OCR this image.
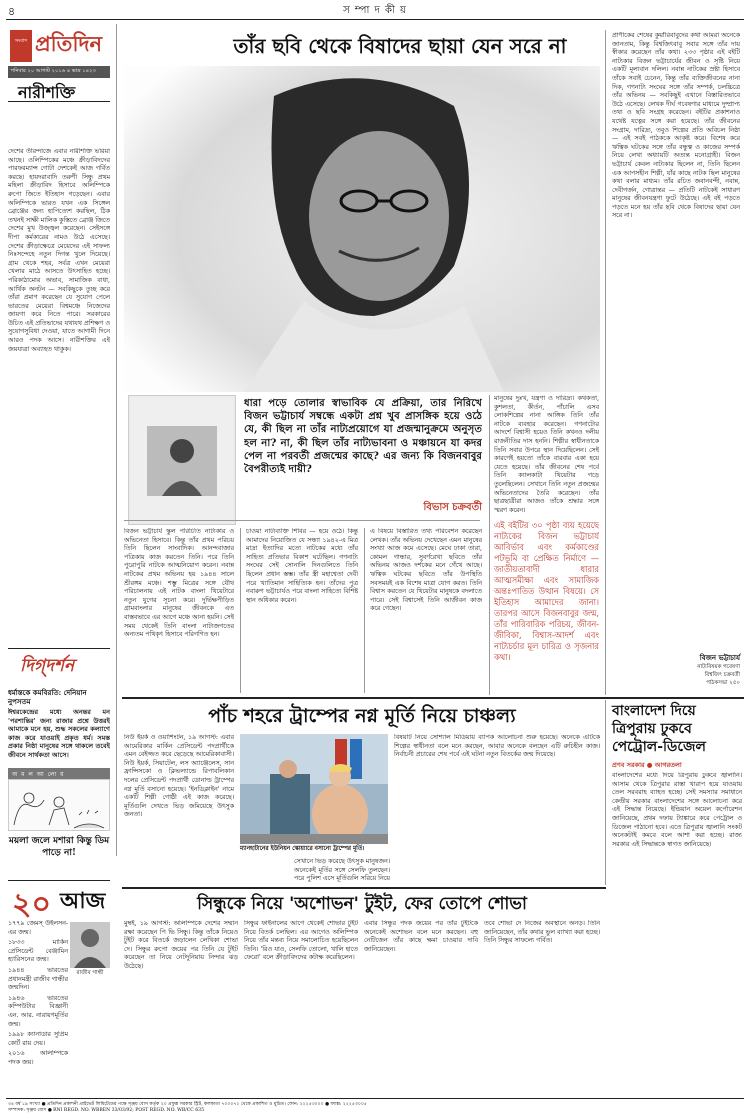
৪	স ম্পা দ কী য়
সংবাদ প্রতিদিন
শনিবার ২০ আগস্ট ২০১৬ ৪ ভাদ্র ১৪২৩
নারীশক্তি
দেশের তীরন্দাজে এবার নারীশক্তি ভরিয়া আছে। ও‌লিম্পিকের মঞ্চে ক্রীড়াবিদদের পারফরম্যান্স গোটা দেশকেই আজ গর্বিত করছে। হায়দরাবাদি তরুণী সিন্ধু প্রথম মহিলা ক্রীড়াবিদ হিসাবে অলিম্পিকে রুপো জিতে ইতিহাস গড়েছেন। এবার অলিম্পিকে ভারত যখন এক সিঙ্গেল ব্রোঞ্জের জন্য হাপিত্যেশ করছিল, ঠিক তখনই সাক্ষী মালিক কুস্তিতে ব্রোঞ্জ জিতে দেশের মুখ উজ্জ্বল করেছেন। সেইসঙ্গে দীপা কর্মকারের নামও উঠে এসেছে। দেশের ক্রীড়াক্ষেত্রে মেয়েদের এই সাফল্য নিঃসন্দেহে নতুন দিগন্ত খুলে দিয়েছে। গ্রাম থেকে শহর, সর্বত্র এখন মেয়েরা খেলার মাঠে আসতে উৎসাহিত হচ্ছে। পরিকাঠামোর অভাব, সামাজিক বাধা, আর্থিক অনটন — সবকিছুকে তুচ্ছ করে তাঁরা প্রমাণ করেছেন যে সুযোগ পেলে ভারতের মেয়েরা বিশ্বমঞ্চে নিজেদের জায়গা করে নিতে পারে। সরকারের উচিত এই প্রতিভাদের যথাযথ প্রশিক্ষণ ও সুযোগসুবিধা দেওয়া, যাতে আগামী দিনে আরও পদক আসে। নারীশক্তির এই জয়যাত্রা অব্যাহত থাকুক।
দিগ্‌দর্শন
ধর্মান্তকে কমবিরতি: দেনিয়ান নুপসতম
ঈশ্বরকেন্দ্রের মধ্যে অনন্তর মন 'পরশান্তির' জন্য রাজার প্রশ্নে উত্তরই আমাকে মনে হয়, শুদ্ধ সকলের কল্যাণে কাজ করে যাওয়াই প্রকৃত ধর্ম। সমস্ত প্রকার নিষ্ঠা মানুষের সঙ্গে থাকলে তবেই জীবনে সার্থকতা আসে।
অ ম ল আ লো য়
ময়লা জলে মশারা কিন্তু ডিম পাড়ে না!
২০ আজ
১৭৭৯ জেমস্‌ উইলসন-এর জন্ম।
১৮৩৩ মার্কিন প্রেসিডেন্ট বেঞ্জামিন হ্যারিসনের জন্ম।
১৯৪৪ ভারতের প্রধানমন্ত্রী রাজীব গান্ধীর জন্মদিন।
১৯৪৬ ভারতের কম্পিউটার বিজ্ঞানী এন. আর. নারায়ণমূর্তির জন্ম।
১৯৯৮ ক্যানাডার সুপ্রিম কোর্ট রায় দেয়।
২০১৬ অলিম্পিকে পদক জয়।
রাজীব গান্ধী
তাঁর ছবি থেকে বিষাদের ছায়া যেন সরে না	প্রাণীকের শেষের কুয়াঁরিবাবুদের কথা আমরা অনেকে জানতাম, কিন্তু বিশ্বজিৎবাবু সবার সঙ্গে তাঁর দায় স্বীকার করেছেন তাঁর কথা। ২৩৩ পৃষ্ঠার এই বইটি নাট্যকার বিজন ভট্টাচার্যের জীবন ও সৃষ্টি নিয়ে একটি মূল্যবান দলিল। নবান্ন নাটকের স্রষ্টা হিসাবে তাঁকে সবাই চেনেন, কিন্তু তাঁর ব্যক্তিজীবনের নানা দিক, গণনাট্য সংঘের সঙ্গে তাঁর সম্পর্ক, চলচ্চিত্রে তাঁর অভিনয় — সবকিছুই এখানে বিস্তারিতভাবে উঠে এসেছে। লেখক দীর্ঘ গবেষণার মাধ্যমে দুষ্প্রাপ্য তথ্য ও ছবি সংগ্রহ করেছেন। বইটির প্রকাশনাও যথেষ্ট যত্নের সঙ্গে করা হয়েছে। তাঁর জীবনের সংগ্রাম, দারিদ্র্য, তবুও শিল্পের প্রতি অবিচল নিষ্ঠা — এই সবই পাঠককে আকৃষ্ট করে। বিশেষ করে ঋত্বিক ঘটকের সঙ্গে তাঁর বন্ধুত্ব ও কাজের সম্পর্ক নিয়ে লেখা অধ্যায়টি অত্যন্ত মনোগ্রাহী। বিজন ভট্টাচার্য কেবল নাট্যকার ছিলেন না, তিনি ছিলেন এক আপসহীন শিল্পী, যাঁর কাছে নাটক ছিল মানুষের কথা বলার মাধ্যম। তাঁর রচিত জবানবন্দী, নবান্ন, দেবীগর্জন, গোত্রান্তর — প্রতিটি নাটকেই সাধারণ মানুষের জীবনযন্ত্রণা ফুটে উঠেছে। এই বই পড়তে পড়তে মনে হয় তাঁর ছবি থেকে বিষাদের ছায়া যেন সরে না।
বিজন ভট্টাচার্য
নাট্যবিষয়ক গবেষণা
বিশ্বজিৎ চক্রবর্তী
পাঠকসভা ২৫০
ধারা পড়ে তোলার স্বাভাবিক যে প্রক্রিয়া, তার নিরিখে বিজন ভট্টাচার্য সম্বন্ধে একটা প্রশ্ন খুব প্রাসঙ্গিক হয়ে ওঠে যে, কী ছিল না তাঁর নাট্যপ্রয়োগে যা প্রজন্মানুক্রমে অনুসৃত হল না? না, কী ছিল তাঁর নাট্যভাবনা ও মঞ্চায়নে যা কদর পেল না পরবর্তী প্রজন্মের কাছে? এর জন্য কি বিজনবাবুর বৈপরীত্যই দায়ী?
বিভাস চক্রবর্তী
মানুষের দুঃখ, যন্ত্রণা ও দারিদ্র্য। কথকতা, কুশলতা, কীর্তন, পাঁচালি এসব লোকশিল্পের নানা আঙ্গিক তিনি তাঁর নাটকে ব্যবহার করেছেন। গণনাট্যের আদর্শে বিশ্বাসী হয়েও তিনি কখনও দলীয় রাজনীতির দাস হননি। শিল্পীর স্বাধীনতাকে তিনি সবার উপরে স্থান দিয়েছিলেন। সেই কারণেই হয়তো তাঁকে বারবার একা হয়ে যেতে হয়েছে। তাঁর জীবনের শেষ পর্বে তিনি ক্যালকাটা থিয়েটার গড়ে তুলেছিলেন। সেখানে তিনি নতুন প্রজন্মের অভিনেতাদের তৈরি করেছেন। তাঁর ছাত্রছাত্রীরা আজও তাঁকে শ্রদ্ধার সঙ্গে স্মরণ করেন।
বিজন ভট্টাচার্য স্কুল পরিচিতি নাট্যকার ও অভিনেতা হিসাবে। কিন্তু তাঁর প্রথম পরিচয় তিনি ছিলেন সাংবাদিক। আনন্দবাজার পত্রিকায় কাজ করতেন তিনি। পরে তিনি পুরোপুরি নাটকে আত্মনিয়োগ করেন। নবান্ন নাটকের প্রথম অভিনয় হয় ১৯৪৪ সালে শ্রীরঙ্গম মঞ্চে। শম্ভু মিত্রের সঙ্গে যৌথ পরিচালনায় এই নাটক বাংলা থিয়েটারে নতুন যুগের সূচনা করে। দুর্ভিক্ষপীড়িত গ্রামবাংলার মানুষের জীবনকে এত বাস্তবভাবে এর আগে মঞ্চে আনা হয়নি। সেই সময় থেকেই তিনি বাংলা নাট্যজগতের অন্যতম পথিকৃৎ হিসাবে পরিগণিত হন।
চাওয়া নাট্যব্যক্তি শিবির — হয়ে ওঠে। কিন্তু আমাদের নিয়োজিত যে সন্ধ্যা ১৯৪২-এ মিত্র মাদ্রা ইত্যাদির মতো নাটকের মধ্যে তাঁর সাহিত্য প্রতিভার বিকাশ ঘটেছিল। গণনাট্য সংঘের সেই সোনালি দিনগুলিতে তিনি ছিলেন প্রধান স্তম্ভ। তাঁর স্ত্রী মহাশ্বেতা দেবী পরে খ্যাতিমান সাহিত্যিক হন। তাঁদের পুত্র নবারুণ ভট্টাচার্যও পরে বাংলা সাহিত্যে বিশিষ্ট স্থান অধিকার করেন।
এ বিষয়ে বিস্তারিত তথ্য পরিবেশন করেছেন লেখক। তাঁর অভিনয় দেখেছেন এমন মানুষের সংখ্যা আজ কমে এসেছে। মেঘে ঢাকা তারা, কোমল গান্ধার, সুবর্ণরেখা ছবিতে তাঁর অভিনয় আজও দর্শকের মনে গেঁথে আছে। ঋত্বিক ঘটকের ছবিতে তাঁর উপস্থিতি সবসময়ই এক বিশেষ মাত্রা যোগ করত। তিনি বিশ্বাস করতেন যে থিয়েটার মানুষকে বদলাতে পারে। সেই বিশ্বাসেই তিনি আজীবন কাজ করে গেছেন।
এই বইটির ৩০ পৃষ্ঠা ব্যয় হয়েছে নাট্যকের বিজন ভট্টাচার্য আবির্ভাব এবং কর্মকাণ্ডের পটভূমি বা প্রেক্ষিত নির্মাণে — জাতীয়তাবাদী ধারার আত্মসমীক্ষা এবং সামাজিক অন্তঃপাতিত উত্থান বিষয়ে। সে ইতিহাস আমাদের জানা। তারপর আসে বিজনবাবুর জন্ম, তাঁর পারিবারিক পরিচয়, জীবন-জীবিকা, বিশ্বাস-আদর্শ এবং নাট্যচর্চার মূল চারিত্র ও সৃজনার কথা।
পাঁচ শহরে ট্রাম্পের নগ্ন মূর্তি নিয়ে চাঞ্চল্য
নিউ ইয়র্ক ও ওয়াশিংটন, ১৯ আগস্ট: এবার আমেরিকার মার্কিন প্রেসিডেন্ট পদপ্রার্থীকে এমন বেইজ্জত করে ছেড়েছে আমেরিকাবাসী। নিউ ইয়র্ক, সিয়াটেল, লস অ্যাঞ্জেলেস, সান ফ্রান্সিসকো ও ক্লিভল্যান্ডে রিপাবলিকান দলের প্রেসিডেন্ট পদপ্রার্থী ডোনাল্ড ট্রাম্পের নগ্ন মূর্তি বসানো হয়েছে। 'ইনডিক্লাইন' নামে একটি শিল্পী গোষ্ঠী এই কাজ করেছে। মূর্তিগুলি দেখতে ভিড় জমিয়েছে উৎসুক জনতা।
ম্যানহাটানের ইউনিয়ন স্কোয়্যারে বসানো ট্রাম্পের মূর্তি।
সেখানে ভিড় করেছে উৎসুক মানুষজন। অনেকেই মূর্তির সঙ্গে সেলফি তুলছেন। পরে পুলিশ এসে মূর্তিগুলি সরিয়ে নিয়ে
বিষয়টি নিয়ে সোশ্যাল মিডিয়ায় ব্যাপক আলোচনা শুরু হয়েছে। অনেকে এটিকে শিল্পের স্বাধীনতা বলে মনে করছেন, আবার অনেকে বলছেন এটি রুচিহীন কাজ। নির্বাচনী প্রচারের শেষ পর্বে এই ঘটনা নতুন বিতর্কের জন্ম দিয়েছে।
বাংলাদেশ দিয়ে ত্রিপুরায় ঢুকবে পেট্রোল-ডিজেল
প্রণব সরকার ● আগরতলা
বাংলাদেশের মধ্যে দিয়ে ত্রিপুরায় ঢুকবে জ্বালানি। আসাম থেকে ত্রিপুরার রাস্তা খারাপ হয়ে যাওয়ায় তেল সরবরাহ ব্যাহত হচ্ছে। সেই সমস্যার সমাধানে কেন্দ্রীয় সরকার বাংলাদেশের সঙ্গে আলোচনা করে এই সিদ্ধান্ত নিয়েছে। ইন্ডিয়ান অয়েল কর্পোরেশন জানিয়েছে, প্রথম দফায় ট্যাঙ্কারে করে পেট্রোল ও ডিজেল পাঠানো হবে। এতে ত্রিপুরায় জ্বালানি সংকট অনেকটাই কমবে বলে আশা করা হচ্ছে। রাজ্য সরকার এই সিদ্ধান্তকে স্বাগত জানিয়েছে।
সিন্ধুকে নিয়ে 'অশোভন' টুইট, ফের তোপে শোভা
মুম্বই, ১৯ আগস্ট: অলিম্পিকে দেশের সম্মান রক্ষা করেছেন পি ভি সিন্ধু। কিন্তু তাঁকে নিয়েও টুইট করে বিতর্কে জড়ালেন লেখিকা শোভা দে। সিন্ধুর রুপো জয়ের পর তিনি যে টুইট করেছেন তা নিয়ে নেটদুনিয়ায় নিন্দার ঝড় উঠেছে।
সিন্ধুর ফাইনালের আগে থেকেই শোভার টুইট নিয়ে বিতর্ক চলছিল। এর আগেও অলিম্পিক নিয়ে তাঁর মন্তব্য নিয়ে সমালোচিত হয়েছিলেন তিনি। 'রিও যাও, সেলফি তোলো, খালি হাতে ফেরো' বলে ক্রীড়াবিদদের কটাক্ষ করেছিলেন।
এবার সিন্ধুর পদক জয়ের পর তাঁর টুইটকে অনেকেই অশোভন বলে মনে করছেন। বহু নেটিজেন তাঁর কাছে ক্ষমা চাওয়ার দাবি জানিয়েছেন।
তবে শোভা দে নিজের অবস্থানে অনড়। তিনি জানিয়েছেন, তাঁর কথার ভুল ব্যাখ্যা করা হচ্ছে। তিনি সিন্ধুর সাফল্যে গর্বিত।
৩৪ বর্ষ ১৯ সংখ্যা ● প্রতিদিন প্রকাশনী প্রাইভেট লিমিটেডের পক্ষে সৃঞ্জয় বোস কর্তৃক ২০ প্রফুল্ল সরকার স্ট্রিট, কলকাতা ৭০০০৭২ থেকে প্রকাশিত ও মুদ্রিত। ফোন: ২২২৫৩০০০ ● ফ্যাক্স: ২২২৫৩০০৫
সম্পাদক: সৃঞ্জয় বোস ● RNI REGD. NO. WBBEN 33/03/92; POST REGD. NO. WB/CC 635
